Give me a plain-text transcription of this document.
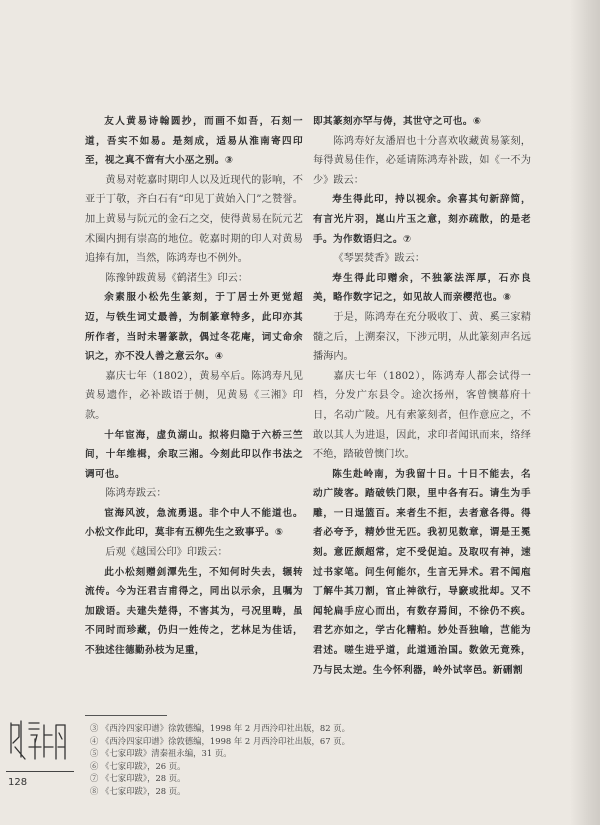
友人黄易诗翰圆抄，而画不如吾，石刻一道，吾实不如易。是刻成，适易从淮南寄四印至，视之真不啻有大小巫之别。③

黄易对乾嘉时期印人以及近现代的影响，不亚于丁敬，齐白石有“印见丁黄始入门”之赞誉。加上黄易与阮元的金石之交，使得黄易在阮元艺术圈内拥有崇高的地位。乾嘉时期的印人对黄易追捧有加，当然，陈鸿寿也不例外。

陈豫钟跋黄易《鹤渚生》印云：

余素服小松先生篆刻，于丁居士外更觉超迈，与铁生词丈最善，为制篆章特多，此印亦其所作者，当时未署篆款，偶过冬花庵，词丈命余识之，亦不没人善之意云尔。④

嘉庆七年（1802），黄易卒后。陈鸿寿凡见黄易遗作，必补跋语于侧，见黄易《三湘》印款。

十年宦海，虚负湖山。拟将归隐于六桥三竺间，十年维楫，余取三湘。今刻此印以作书法之调可也。

陈鸿寿跋云：

宦海风波，急流勇退。非个中人不能道也。小松文作此印，莫非有五柳先生之致事乎。⑤

后观《越国公印》印跋云：

此小松刻赠剑潭先生，不知何时失去，辗转流传。今为汪君吉甫得之，同出以示余，且嘱为加跋语。夫建失楚得，不害其为，弓况里畴，虽不同时而珍藏，仍归一姓传之，艺林足为佳话，不独述往德勤孙枝为足重，

即其篆刻亦罕与俦，其世守之可也。⑥

陈鸿寿好友潘眉也十分喜欢收藏黄易篆刻，每得黄易佳作，必延请陈鸿寿补跋，如《一不为少》跋云：

寿生得此印，持以视余。余喜其句新辞简，有言光片羽，崑山片玉之意，刻亦疏散，的是老手。为作数语归之。⑦

《琴罢焚香》跋云：

寿生得此印赠余，不独篆法浑厚，石亦良美，略作数字记之，如见故人而亲樱范也。⑧

于是，陈鸿寿在充分吸收丁、黄、奚三家精髓之后，上溯秦汉，下涉元明，从此篆刻声名远播海内。

嘉庆七年（1802），陈鸿寿人都会试得一档，分发广东县令。途次扬州，客曾懊幕府十日，名动广陵。凡有索篆刻者，但作意应之，不敢以其人为进退，因此，求印者闻讯而来，络绎不绝，踏破曾懊门坎。

陈生赴岭南，为我留十日。十日不能去，名动广陵客。踏破铁门限，里中各有石。请生为手雕，一日逞篮百。来者生不拒，去者意各得。得者必夸予，精妙世无匹。我初见数章，谓是王冕刻。意匠颇超常，定不受促迫。及取叹有神，速过书家笔。问生何能尔，生言无异术。君不闻庖丁解牛其刀割，官止神欲行，导窾或批却。又不闻轮扁手应心而出，有数存焉间，不徐仍不疾。君艺亦如之，学古化糟粕。妙处吾独喻，芑能为君述。嗟生进乎道，此道通治国。数敛无竟殊，乃与民太逆。生今怀利器，岭外试宰邑。新硎割

③ 《西泠四家印谱》徐敦德编，1998 年 2 月西泠印社出版，82 页。
④ 《西泠四家印谱》徐敦德编，1998 年 2 月西泠印社出版，67 页。
⑤ 《七家印跋》清秦祖永编，31 页。
⑥ 《七家印跋》，26 页。
⑦ 《七家印跋》，28 页。
⑧ 《七家印跋》，28 页。
128
